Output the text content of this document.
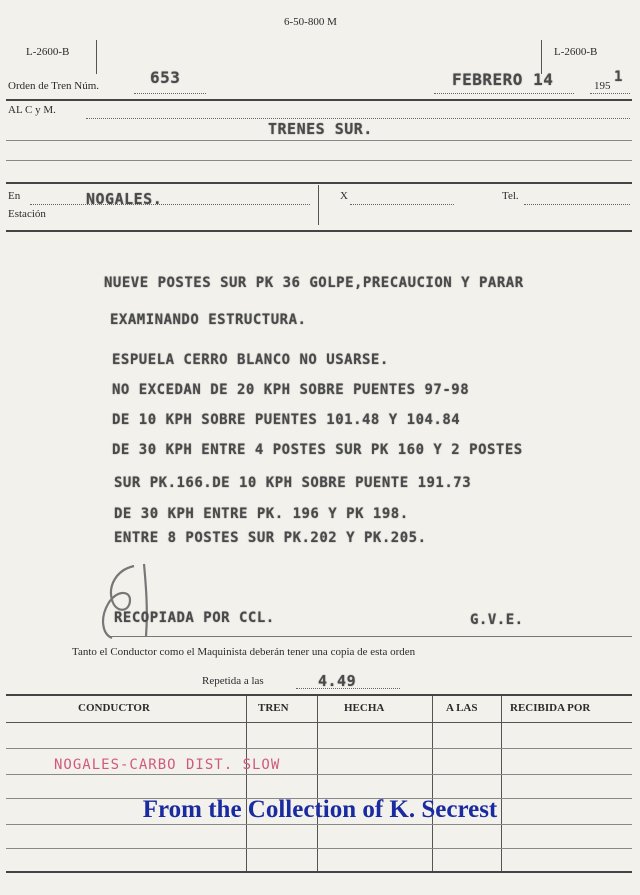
6-50-800 M
L-2600-B	L-2600-B
Orden de Tren Núm.	653	FEBRERO 14	195
1
AL C y M.
TRENES SUR.
En
Estación
NOGALES.	X	Tel.
NUEVE POSTES SUR PK 36 GOLPE,PRECAUCION Y PARAR
EXAMINANDO ESTRUCTURA.
ESPUELA CERRO BLANCO NO USARSE.
NO EXCEDAN DE 20 KPH SOBRE PUENTES 97-98
DE 10 KPH SOBRE PUENTES 101.48 Y 104.84
DE 30 KPH ENTRE 4 POSTES SUR PK 160 Y 2 POSTES
SUR PK.166.DE 10 KPH SOBRE PUENTE 191.73
DE 30 KPH ENTRE PK. 196 Y PK 198.
ENTRE 8 POSTES SUR PK.202 Y PK.205.
RECOPIADA POR CCL.	G.V.E.
Tanto el Conductor como el Maquinista deberán tener una copia de esta orden
Repetida a las	4.49
CONDUCTOR	TREN	HECHA	A LAS	RECIBIDA POR
NOGALES-CARBO DIST. SLOW
From the Collection of K. Secrest
